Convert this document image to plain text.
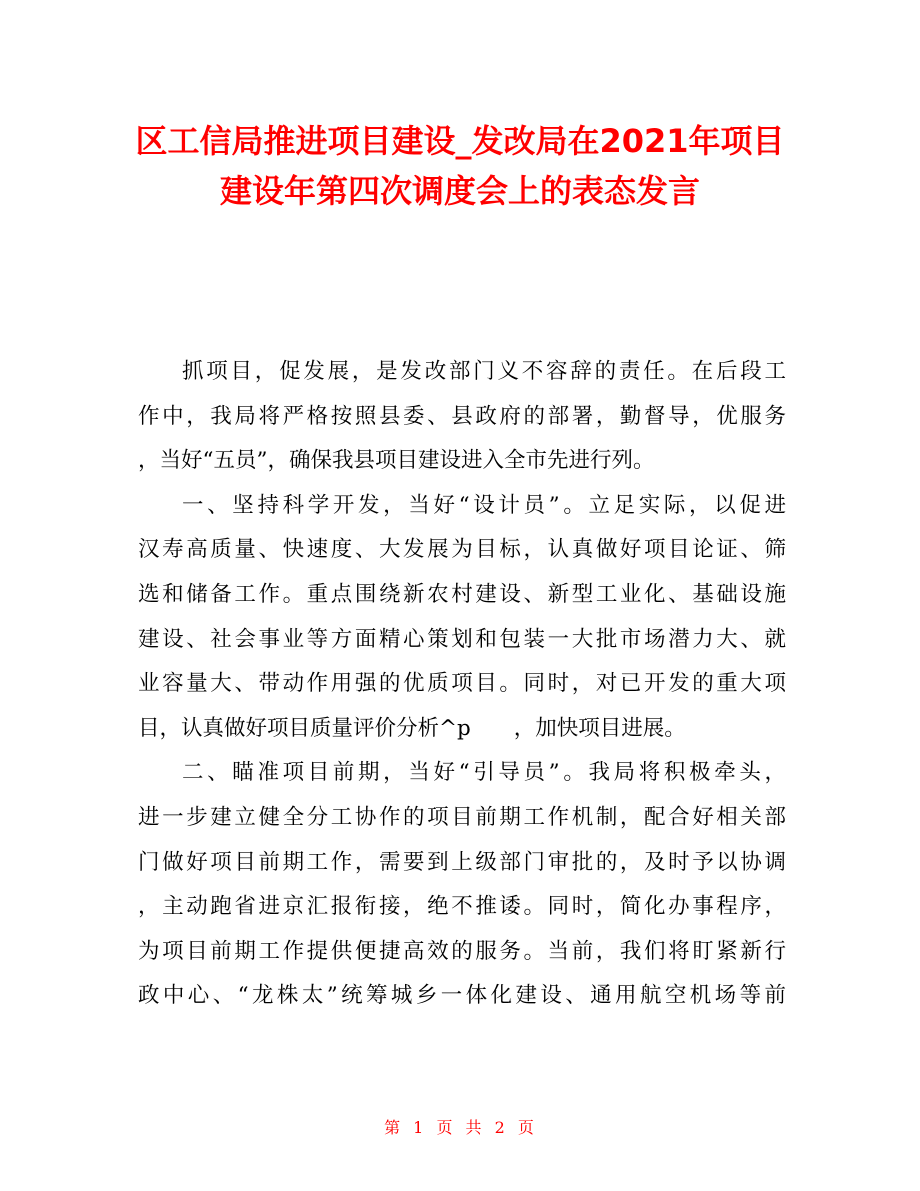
区工信局推进项目建设_发改局在2021年项目
建设年第四次调度会上的表态发言
抓项目，促发展，是发改部门义不容辞的责任。在后段工
作中，我局将严格按照县委、县政府的部署，勤督导，优服务
，当好“五员”，确保我县项目建设进入全市先进行列。
一、坚持科学开发，当好“设计员”。立足实际，以促进
汉寿高质量、快速度、大发展为目标，认真做好项目论证、筛
选和储备工作。重点围绕新农村建设、新型工业化、基础设施
建设、社会事业等方面精心策划和包装一大批市场潜力大、就
业容量大、带动作用强的优质项目。同时，对已开发的重大项
目，认真做好项目质量评价分析^p　　，加快项目进展。
二、瞄准项目前期，当好“引导员”。我局将积极牵头，
进一步建立健全分工协作的项目前期工作机制，配合好相关部
门做好项目前期工作，需要到上级部门审批的，及时予以协调
，主动跑省进京汇报衔接，绝不推诿。同时，简化办事程序，
为项目前期工作提供便捷高效的服务。当前，我们将盯紧新行
政中心、“龙株太”统筹城乡一体化建设、通用航空机场等前
第 1 页 共 2 页
